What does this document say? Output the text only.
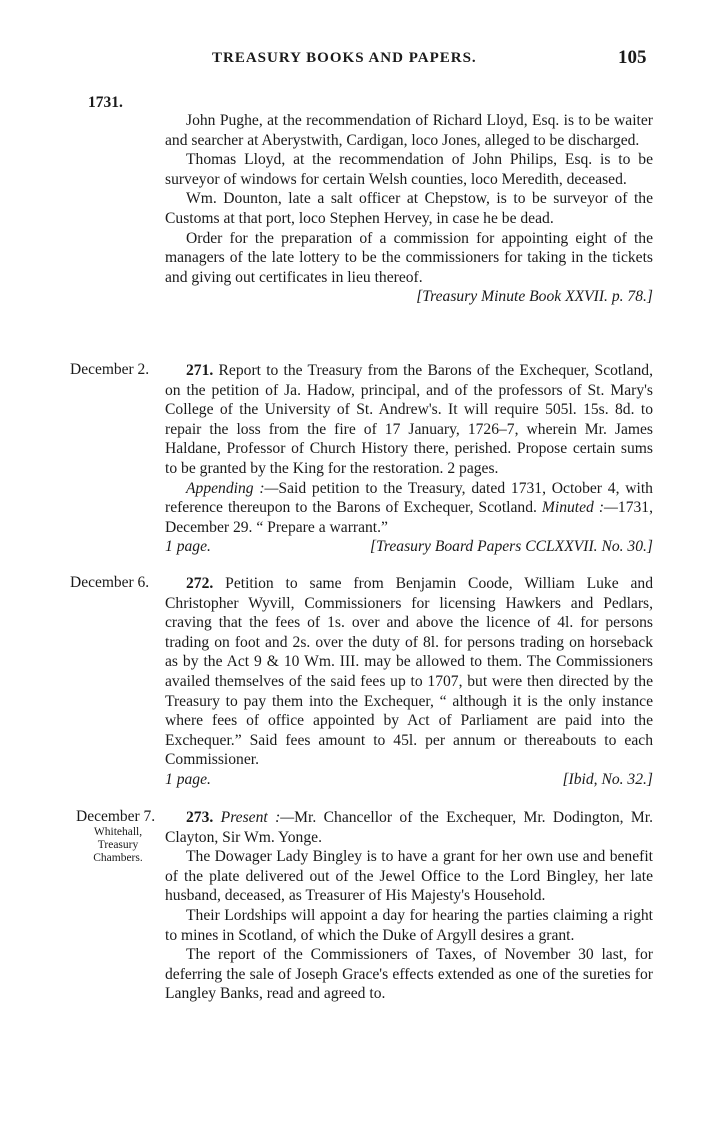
TREASURY BOOKS AND PAPERS.	105
1731.

John Pughe, at the recommendation of Richard Lloyd, Esq. is to be waiter and searcher at Aberystwith, Cardigan, loco Jones, alleged to be discharged.

Thomas Lloyd, at the recommendation of John Philips, Esq. is to be surveyor of windows for certain Welsh counties, loco Meredith, deceased.

Wm. Dounton, late a salt officer at Chepstow, is to be surveyor of the Customs at that port, loco Stephen Hervey, in case he be dead.

Order for the preparation of a commission for appointing eight of the managers of the late lottery to be the commissioners for taking in the tickets and giving out certificates in lieu thereof.

[Treasury Minute Book XXVII. p. 78.]
December 2.	271. Report to the Treasury from the Barons of the Exchequer, Scotland, on the petition of Ja. Hadow, principal, and of the professors of St. Mary's College of the University of St. Andrew's. It will require 505l. 15s. 8d. to repair the loss from the fire of 17 January, 1726–7, wherein Mr. James Haldane, Professor of Church History there, perished. Propose certain sums to be granted by the King for the restoration. 2 pages.

Appending :—Said petition to the Treasury, dated 1731, October 4, with reference thereupon to the Barons of Exchequer, Scotland. Minuted :—1731, December 29. “ Prepare a warrant.”

1 page.	[Treasury Board Papers CCLXXVII. No. 30.]
December 6.	272. Petition to same from Benjamin Coode, William Luke and Christopher Wyvill, Commissioners for licensing Hawkers and Pedlars, craving that the fees of 1s. over and above the licence of 4l. for persons trading on foot and 2s. over the duty of 8l. for persons trading on horseback as by the Act 9 & 10 Wm. III. may be allowed to them. The Commissioners availed themselves of the said fees up to 1707, but were then directed by the Treasury to pay them into the Exchequer, “ although it is the only instance where fees of office appointed by Act of Parliament are paid into the Exchequer.” Said fees amount to 45l. per annum or thereabouts to each Commissioner.

1 page.	[Ibid, No. 32.]
December 7.
Whitehall, Treasury Chambers.

273. Present :—Mr. Chancellor of the Exchequer, Mr. Dodington, Mr. Clayton, Sir Wm. Yonge.

The Dowager Lady Bingley is to have a grant for her own use and benefit of the plate delivered out of the Jewel Office to the Lord Bingley, her late husband, deceased, as Treasurer of His Majesty's Household.

Their Lordships will appoint a day for hearing the parties claiming a right to mines in Scotland, of which the Duke of Argyll desires a grant.

The report of the Commissioners of Taxes, of November 30 last, for deferring the sale of Joseph Grace's effects extended as one of the sureties for Langley Banks, read and agreed to.
